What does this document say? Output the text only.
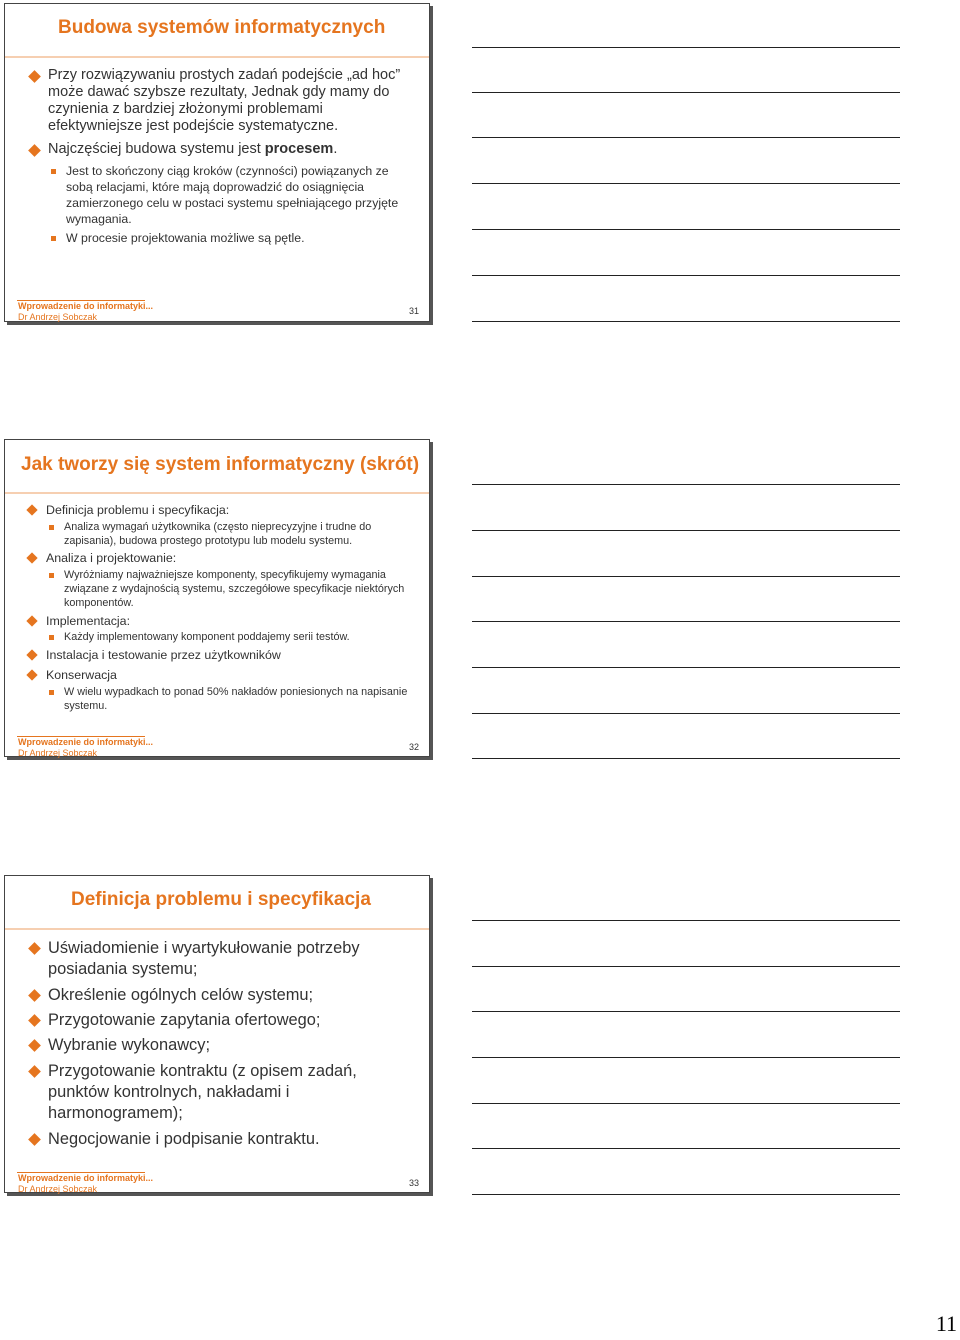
Budowa systemów informatycznych
Przy rozwiązywaniu prostych zadań podejście „ad hoc” może dawać szybsze rezultaty, Jednak gdy mamy do czynienia z bardziej złożonymi problemami efektywniejsze jest podejście systematyczne.
Najczęściej budowa systemu jest procesem.
Jest to skończony ciąg kroków (czynności) powiązanych ze sobą relacjami, które mają doprowadzić do osiągnięcia zamierzonego celu w postaci systemu spełniającego przyjęte wymagania.
W procesie projektowania możliwe są pętle.
Wprowadzenie do informatyki...
Dr Andrzej Sobczak
31
Jak tworzy się system informatyczny (skrót)
Definicja problemu i specyfikacja:
Analiza wymagań użytkownika (często nieprecyzyjne i trudne do zapisania), budowa prostego prototypu lub modelu systemu.
Analiza i projektowanie:
Wyróżniamy najważniejsze komponenty, specyfikujemy wymagania związane z wydajnością systemu, szczegółowe specyfikacje niektórych komponentów.
Implementacja:
Każdy implementowany komponent poddajemy serii testów.
Instalacja i testowanie przez użytkowników
Konserwacja
W wielu wypadkach to ponad 50% nakładów poniesionych na napisanie systemu.
Wprowadzenie do informatyki...
Dr Andrzej Sobczak
32
Definicja problemu i specyfikacja
Uświadomienie i wyartykułowanie potrzeby posiadania systemu;
Określenie ogólnych celów systemu;
Przygotowanie zapytania ofertowego;
Wybranie wykonawcy;
Przygotowanie kontraktu (z opisem zadań, punktów kontrolnych, nakładami i harmonogramem);
Negocjowanie i podpisanie kontraktu.
Wprowadzenie do informatyki...
Dr Andrzej Sobczak
33
11
